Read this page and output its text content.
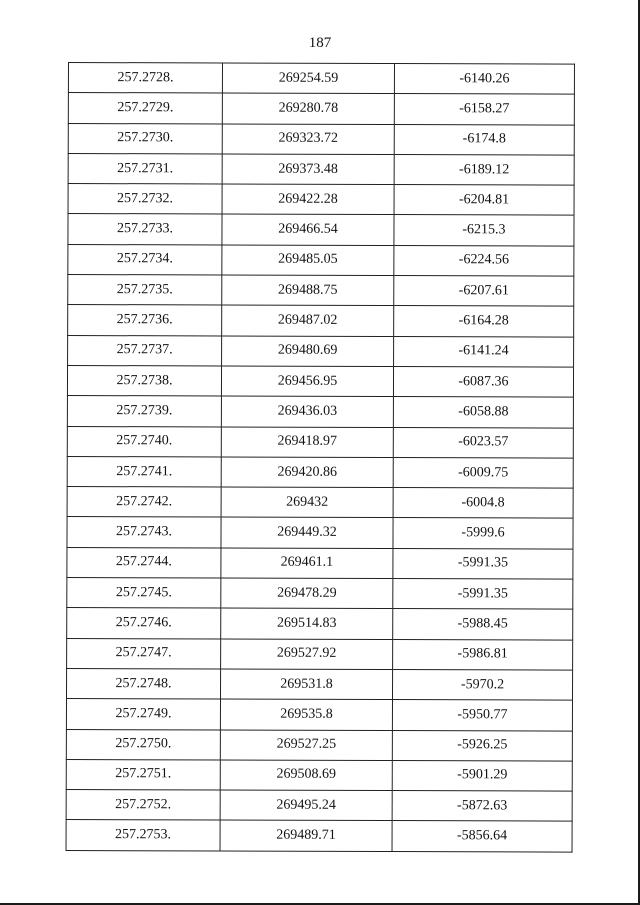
187
257.2728.	269254.59	-6140.26
257.2729.	269280.78	-6158.27
257.2730.	269323.72	-6174.8
257.2731.	269373.48	-6189.12
257.2732.	269422.28	-6204.81
257.2733.	269466.54	-6215.3
257.2734.	269485.05	-6224.56
257.2735.	269488.75	-6207.61
257.2736.	269487.02	-6164.28
257.2737.	269480.69	-6141.24
257.2738.	269456.95	-6087.36
257.2739.	269436.03	-6058.88
257.2740.	269418.97	-6023.57
257.2741.	269420.86	-6009.75
257.2742.	269432	-6004.8
257.2743.	269449.32	-5999.6
257.2744.	269461.1	-5991.35
257.2745.	269478.29	-5991.35
257.2746.	269514.83	-5988.45
257.2747.	269527.92	-5986.81
257.2748.	269531.8	-5970.2
257.2749.	269535.8	-5950.77
257.2750.	269527.25	-5926.25
257.2751.	269508.69	-5901.29
257.2752.	269495.24	-5872.63
257.2753.	269489.71	-5856.64
